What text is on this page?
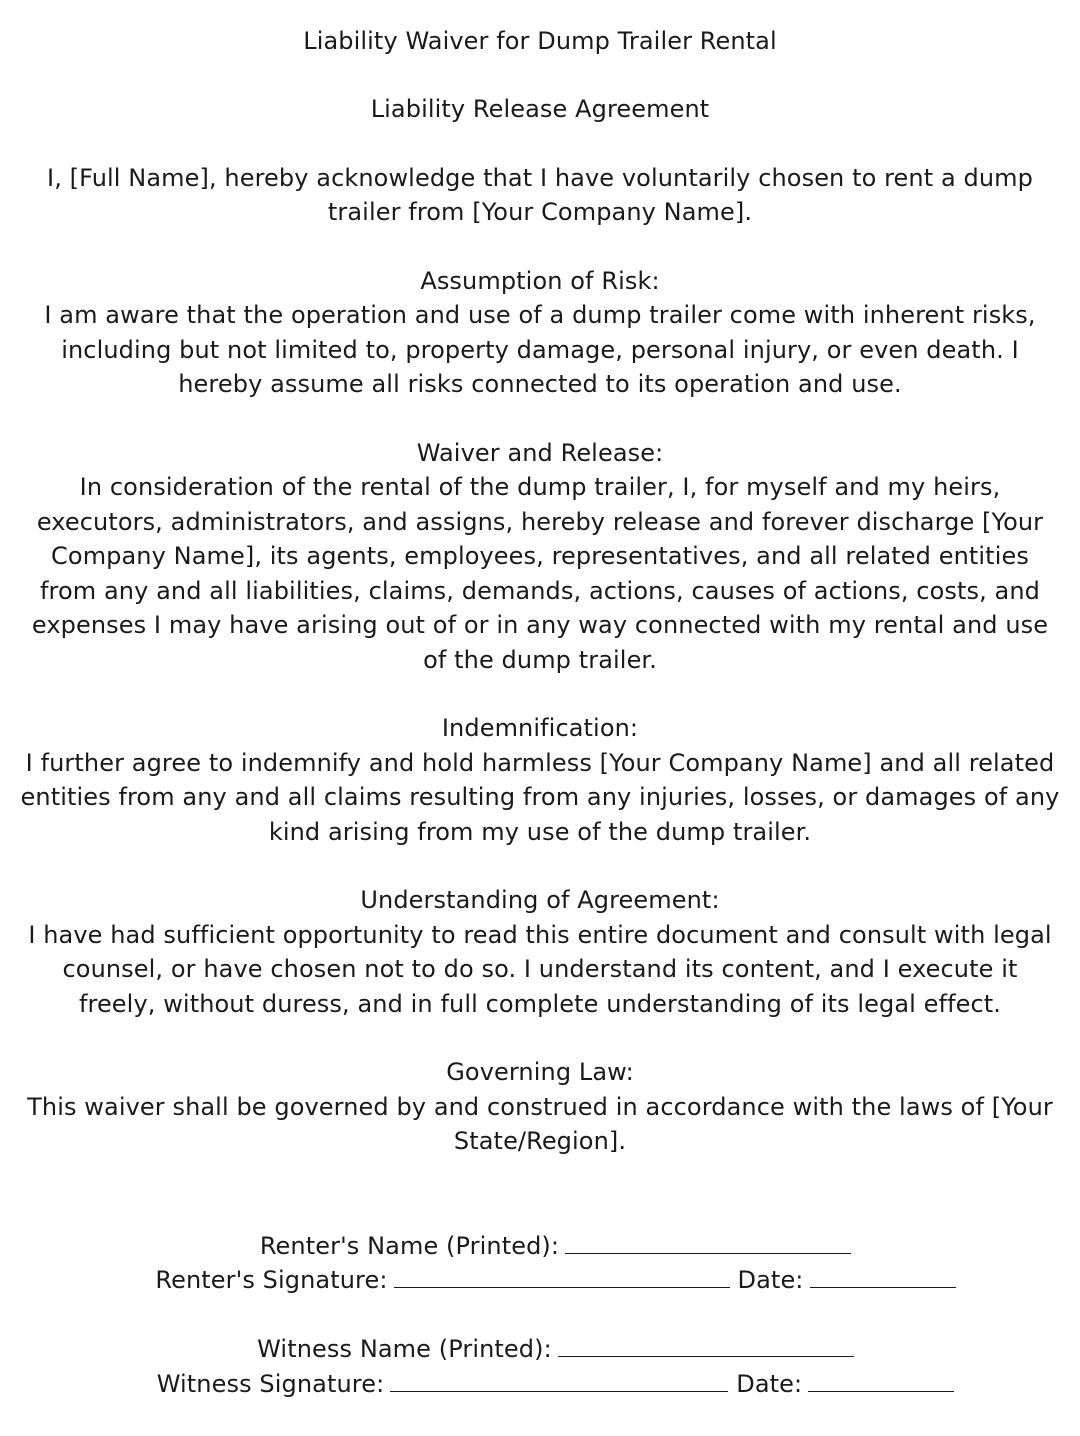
Liability Waiver for Dump Trailer Rental
Liability Release Agreement
I, [Full Name], hereby acknowledge that I have voluntarily chosen to rent a dump
trailer from [Your Company Name].
Assumption of Risk:
I am aware that the operation and use of a dump trailer come with inherent risks,
including but not limited to, property damage, personal injury, or even death. I
hereby assume all risks connected to its operation and use.
Waiver and Release:
In consideration of the rental of the dump trailer, I, for myself and my heirs,
executors, administrators, and assigns, hereby release and forever discharge [Your
Company Name], its agents, employees, representatives, and all related entities
from any and all liabilities, claims, demands, actions, causes of actions, costs, and
expenses I may have arising out of or in any way connected with my rental and use
of the dump trailer.
Indemnification:
I further agree to indemnify and hold harmless [Your Company Name] and all related
entities from any and all claims resulting from any injuries, losses, or damages of any
kind arising from my use of the dump trailer.
Understanding of Agreement:
I have had sufficient opportunity to read this entire document and consult with legal
counsel, or have chosen not to do so. I understand its content, and I execute it
freely, without duress, and in full complete understanding of its legal effect.
Governing Law:
This waiver shall be governed by and construed in accordance with the laws of [Your
State/Region].

Renter's Name (Printed):

Renter's Signature:	Date:

Witness Name (Printed):

Witness Signature:	Date:
